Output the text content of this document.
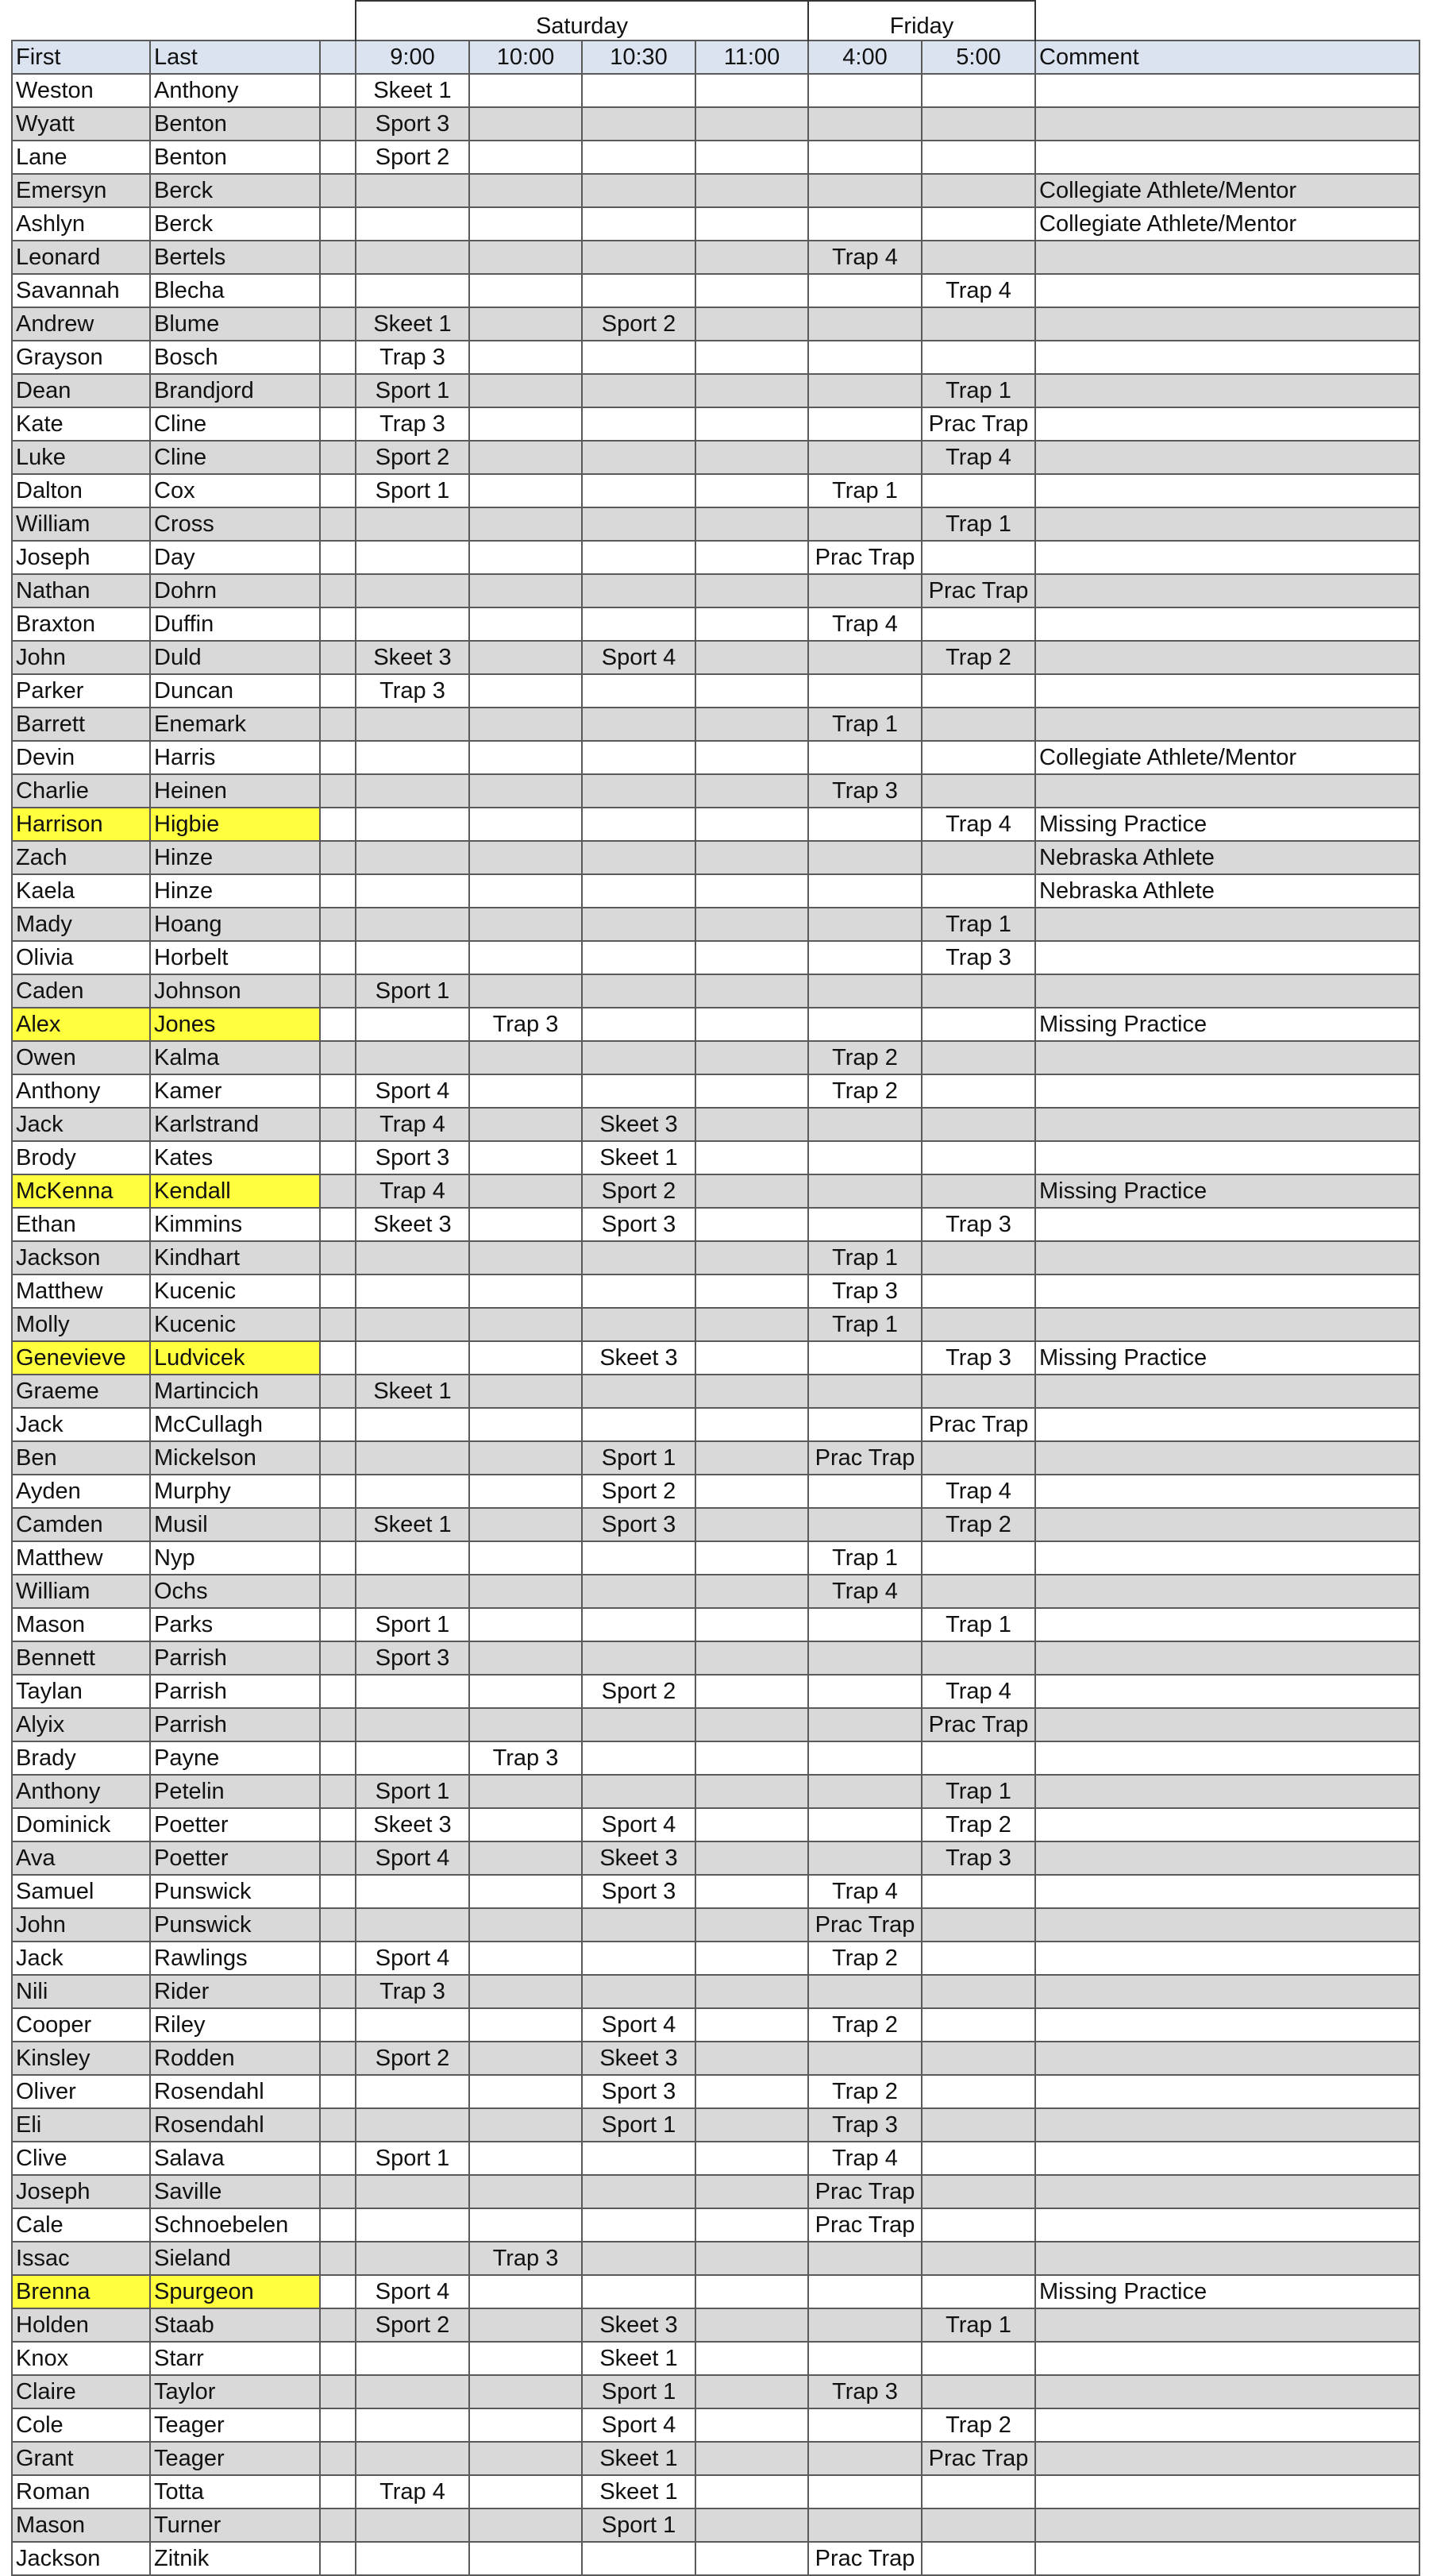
			Saturday				Friday		
First	Last		9:00	10:00	10:30	11:00	4:00	5:00	Comment
Weston	Anthony		Skeet 1						
Wyatt	Benton		Sport 3						
Lane	Benton		Sport 2						
Emersyn	Berck								Collegiate Athlete/Mentor
Ashlyn	Berck								Collegiate Athlete/Mentor
Leonard	Bertels						Trap 4		
Savannah	Blecha							Trap 4	
Andrew	Blume		Skeet 1		Sport 2				
Grayson	Bosch		Trap 3						
Dean	Brandjord		Sport 1					Trap 1	
Kate	Cline		Trap 3					Prac Trap	
Luke	Cline		Sport 2					Trap 4	
Dalton	Cox		Sport 1				Trap 1		
William	Cross							Trap 1	
Joseph	Day						Prac Trap		
Nathan	Dohrn							Prac Trap	
Braxton	Duffin						Trap 4		
John	Duld		Skeet 3		Sport 4			Trap 2	
Parker	Duncan		Trap 3						
Barrett	Enemark						Trap 1		
Devin	Harris								Collegiate Athlete/Mentor
Charlie	Heinen						Trap 3		
Harrison	Higbie							Trap 4	Missing Practice
Zach	Hinze								Nebraska Athlete
Kaela	Hinze								Nebraska Athlete
Mady	Hoang							Trap 1	
Olivia	Horbelt							Trap 3	
Caden	Johnson		Sport 1						
Alex	Jones			Trap 3					Missing Practice
Owen	Kalma						Trap 2		
Anthony	Kamer		Sport 4				Trap 2		
Jack	Karlstrand		Trap 4		Skeet 3				
Brody	Kates		Sport 3		Skeet 1				
McKenna	Kendall		Trap 4		Sport 2				Missing Practice
Ethan	Kimmins		Skeet 3		Sport 3			Trap 3	
Jackson	Kindhart						Trap 1		
Matthew	Kucenic						Trap 3		
Molly	Kucenic						Trap 1		
Genevieve	Ludvicek				Skeet 3			Trap 3	Missing Practice
Graeme	Martincich		Skeet 1						
Jack	McCullagh							Prac Trap	
Ben	Mickelson				Sport 1		Prac Trap		
Ayden	Murphy				Sport 2			Trap 4	
Camden	Musil		Skeet 1		Sport 3			Trap 2	
Matthew	Nyp						Trap 1		
William	Ochs						Trap 4		
Mason	Parks		Sport 1					Trap 1	
Bennett	Parrish		Sport 3						
Taylan	Parrish				Sport 2			Trap 4	
Alyix	Parrish							Prac Trap	
Brady	Payne			Trap 3					
Anthony	Petelin		Sport 1					Trap 1	
Dominick	Poetter		Skeet 3		Sport 4			Trap 2	
Ava	Poetter		Sport 4		Skeet 3			Trap 3	
Samuel	Punswick				Sport 3		Trap 4		
John	Punswick						Prac Trap		
Jack	Rawlings		Sport 4				Trap 2		
Nili	Rider		Trap 3						
Cooper	Riley				Sport 4		Trap 2		
Kinsley	Rodden		Sport 2		Skeet 3				
Oliver	Rosendahl				Sport 3		Trap 2		
Eli	Rosendahl				Sport 1		Trap 3		
Clive	Salava		Sport 1				Trap 4		
Joseph	Saville						Prac Trap		
Cale	Schnoebelen						Prac Trap		
Issac	Sieland			Trap 3					
Brenna	Spurgeon		Sport 4						Missing Practice
Holden	Staab		Sport 2		Skeet 3			Trap 1	
Knox	Starr				Skeet 1				
Claire	Taylor				Sport 1		Trap 3		
Cole	Teager				Sport 4			Trap 2	
Grant	Teager				Skeet 1			Prac Trap	
Roman	Totta		Trap 4		Skeet 1				
Mason	Turner				Sport 1				
Jackson	Zitnik						Prac Trap		
